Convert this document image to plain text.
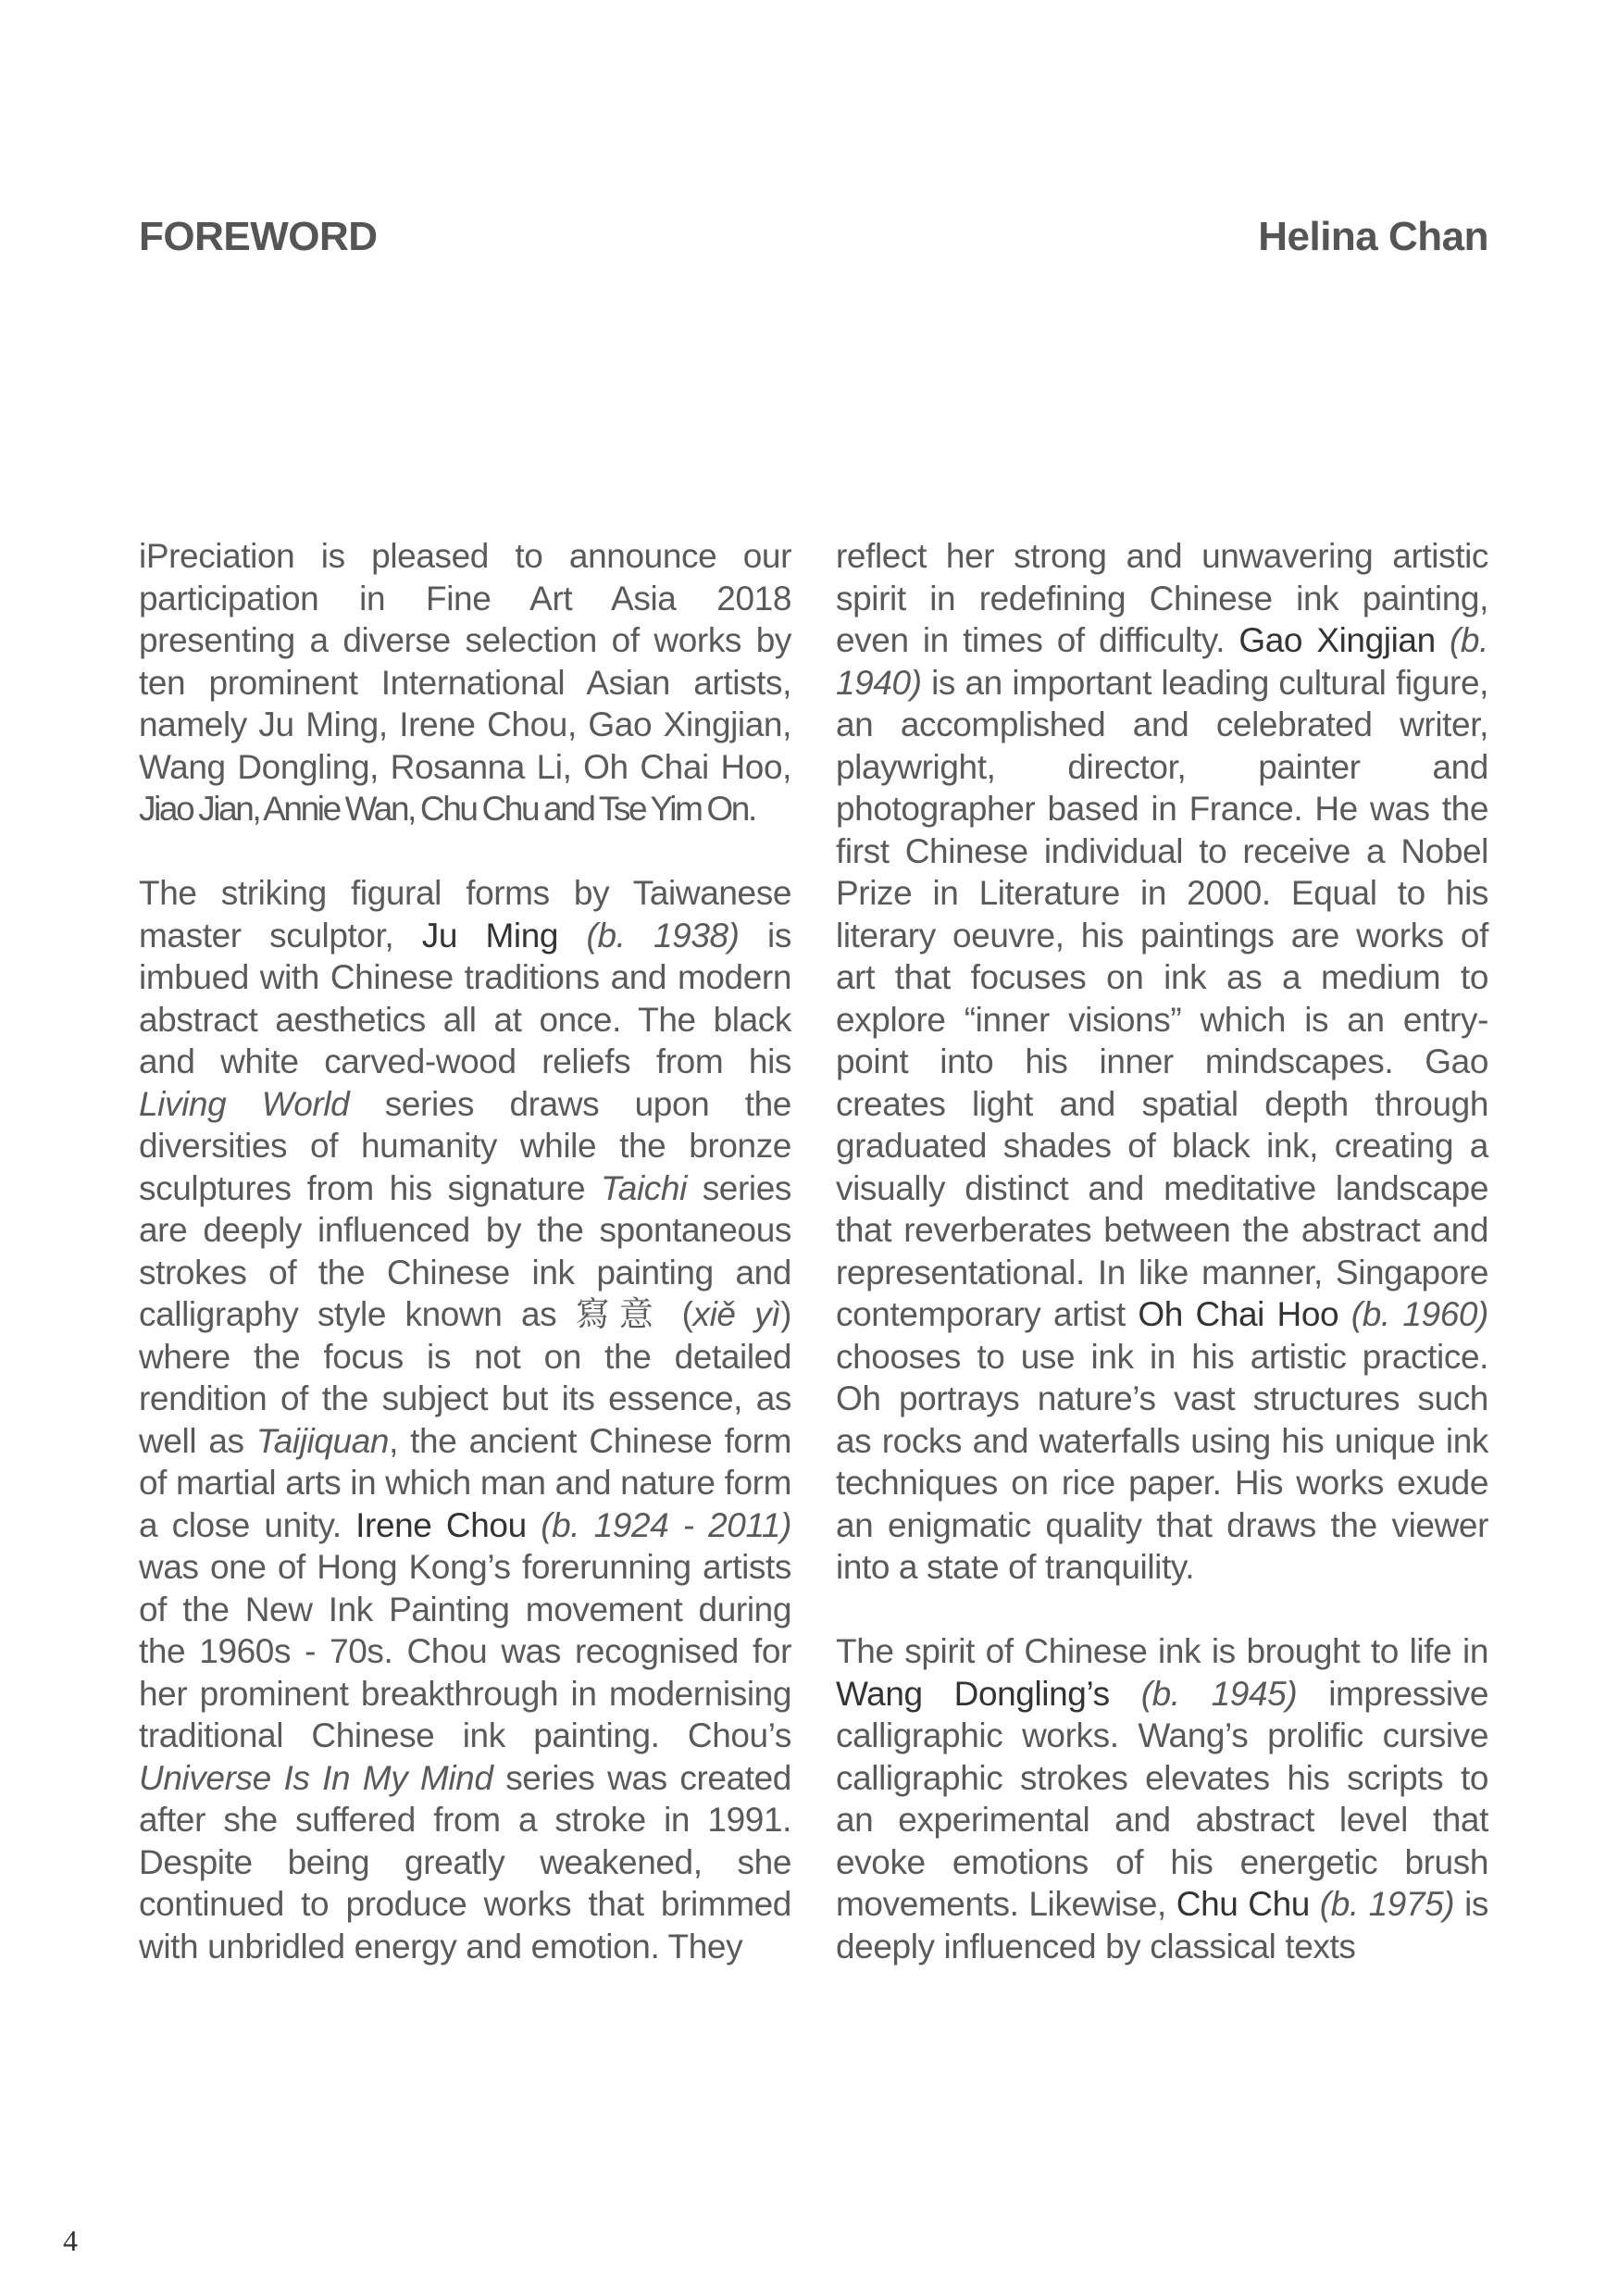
FOREWORD	Helina Chan

iPreciation is pleased to announce our participation in Fine Art Asia 2018 presenting a diverse selection of works by ten prominent International Asian artists, namely Ju Ming, Irene Chou, Gao Xingjian, Wang Dongling, Rosanna Li, Oh Chai Hoo, Jiao Jian, Annie Wan, Chu Chu and Tse Yim On.

The striking figural forms by Taiwanese master sculptor, Ju Ming (b. 1938) is imbued with Chinese traditions and modern abstract aesthetics all at once. The black and white carved-wood reliefs from his Living World series draws upon the diversities of humanity while the bronze sculptures from his signature Taichi series are deeply influenced by the spontaneous strokes of the Chinese ink painting and calligraphy style known as 寫意 (xiě yì) where the focus is not on the detailed rendition of the subject but its essence, as well as Taijiquan, the ancient Chinese form of martial arts in which man and nature form a close unity. Irene Chou (b. 1924 - 2011) was one of Hong Kong’s forerunning artists of the New Ink Painting movement during the 1960s - 70s. Chou was recognised for her prominent breakthrough in modernising traditional Chinese ink painting. Chou’s Universe Is In My Mind series was created after she suffered from a stroke in 1991. Despite being greatly weakened, she continued to produce works that brimmed with unbridled energy and emotion. They

reflect her strong and unwavering artistic spirit in redefining Chinese ink painting, even in times of difficulty. Gao Xingjian (b. 1940) is an important leading cultural figure, an accomplished and celebrated writer, playwright, director, painter and photographer based in France. He was the first Chinese individual to receive a Nobel Prize in Literature in 2000. Equal to his literary oeuvre, his paintings are works of art that focuses on ink as a medium to explore “inner visions” which is an entry-point into his inner mindscapes. Gao creates light and spatial depth through graduated shades of black ink, creating a visually distinct and meditative landscape that reverberates between the abstract and representational. In like manner, Singapore contemporary artist Oh Chai Hoo (b. 1960) chooses to use ink in his artistic practice. Oh portrays nature’s vast structures such as rocks and waterfalls using his unique ink techniques on rice paper. His works exude an enigmatic quality that draws the viewer into a state of tranquility.

The spirit of Chinese ink is brought to life in Wang Dongling’s (b. 1945) impressive calligraphic works. Wang’s prolific cursive calligraphic strokes elevates his scripts to an experimental and abstract level that evoke emotions of his energetic brush movements. Likewise, Chu Chu (b. 1975) is deeply influenced by classical texts

4
